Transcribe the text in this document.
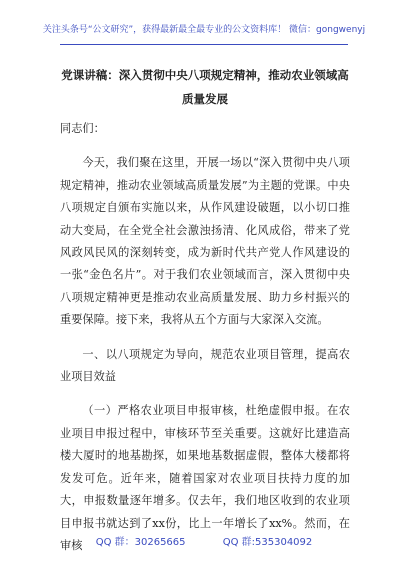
关注头条号“公文研究”，获得最新最全最专业的公文资料库！ 微信：gongwenyj
党课讲稿：深入贯彻中央八项规定精神，推动农业领域高质量发展

同志们：

今天，我们聚在这里，开展一场以“深入贯彻中央八项规定精神，推动农业领域高质量发展”为主题的党课。中央八项规定自颁布实施以来，从作风建设破题，以小切口推动大变局，在全党全社会激浊扬清、化风成俗，带来了党风政风民风的深刻转变，成为新时代共产党人作风建设的一张“金色名片”。对于我们农业领域而言，深入贯彻中央八项规定精神更是推动农业高质量发展、助力乡村振兴的重要保障。接下来，我将从五个方面与大家深入交流。

一、以八项规定为导向，规范农业项目管理，提高农业项目效益

（一）严格农业项目申报审核，杜绝虚假申报。在农业项目申报过程中，审核环节至关重要。这就好比建造高楼大厦时的地基勘探，如果地基数据虚假，整体大楼都将发发可危。近年来，随着国家对农业项目扶持力度的加大，申报数量逐年增多。仅去年，我们地区收到的农业项目申报书就达到了xx份，比上一年增长了xx%。然而，在审核	QQ 群：30265665	QQ 群:535304092
